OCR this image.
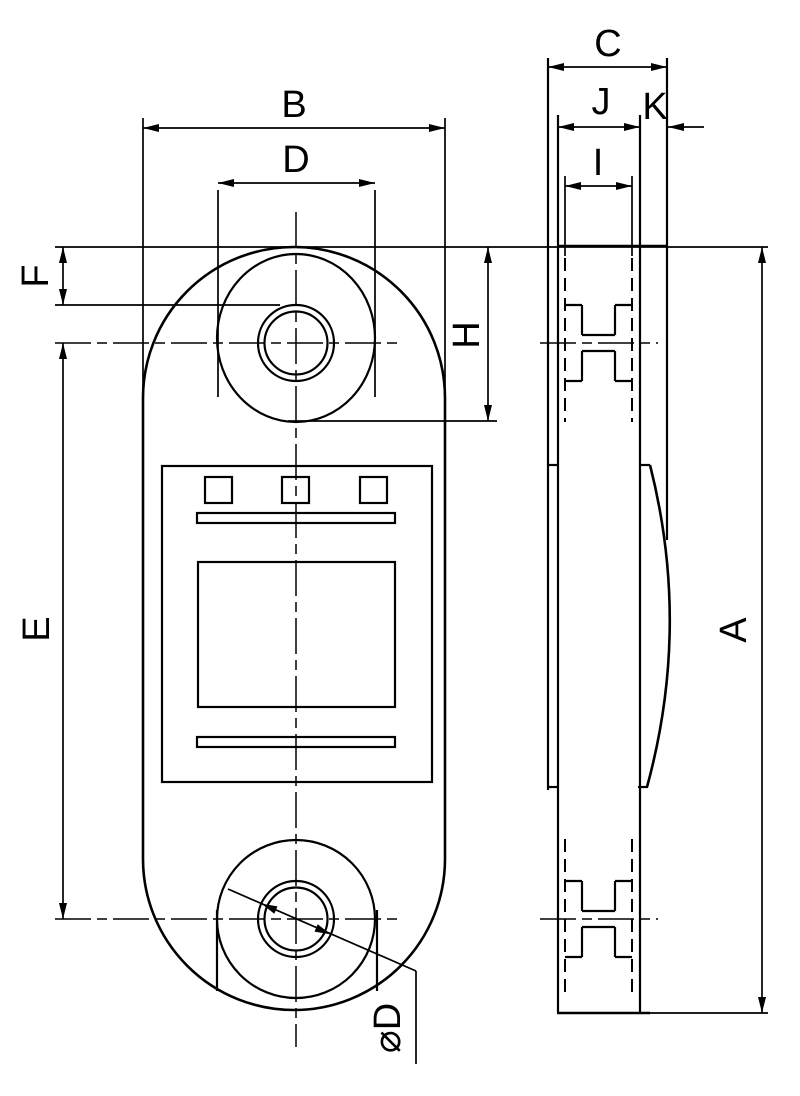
B
D
C
J K
I
F
E
H
A
⌀D
